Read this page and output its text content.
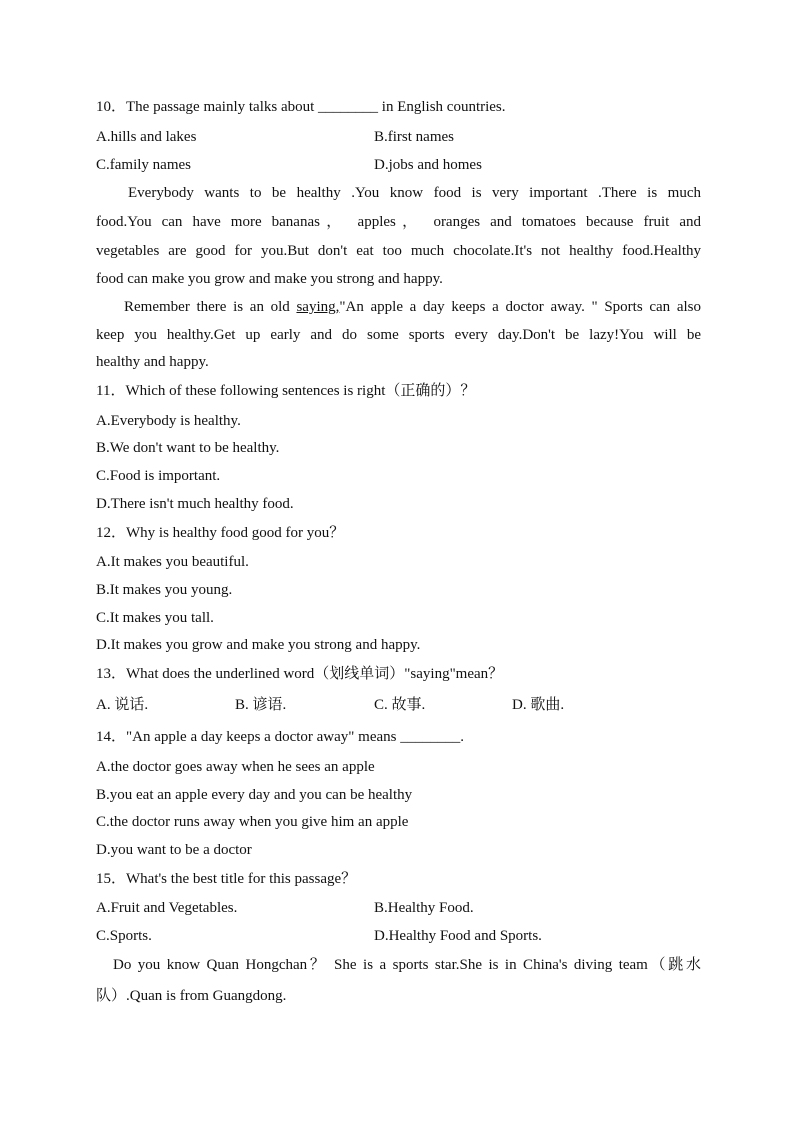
10．The passage mainly talks about ________ in English countries.
A.hills and lakes	B.first names
C.family names	D.jobs and homes
Everybody wants to be healthy .You know food is very important .There is much
food.You can have more bananas， apples， oranges and tomatoes because fruit and
vegetables are good for you.But don't eat too much chocolate.It's not healthy food.Healthy
food can make you grow and make you strong and happy.
Remember there is an old saying,"An apple a day keeps a doctor away. " Sports can also
keep you healthy.Get up early and do some sports every day.Don't be lazy!You will be
healthy and happy.
11．Which of these following sentences is right（正确的）？
A.Everybody is healthy.
B.We don't want to be healthy.
C.Food is important.
D.There isn't much healthy food.
12．Why is healthy food good for you？
A.It makes you beautiful.
B.It makes you young.
C.It makes you tall.
D.It makes you grow and make you strong and happy.
13．What does the underlined word（划线单词）"saying"mean？
A. 说话.	B. 谚语.	C. 故事.	D. 歌曲.
14．"An apple a day keeps a doctor away" means ________.
A.the doctor goes away when he sees an apple
B.you eat an apple every day and you can be healthy
C.the doctor runs away when you give him an apple
D.you want to be a doctor
15．What's the best title for this passage？
A.Fruit and Vegetables.	B.Healthy Food.
C.Sports.	D.Healthy Food and Sports.
Do you know Quan Hongchan？ She is a sports star.She is in China's diving team（跳水
队）.Quan is from Guangdong.
